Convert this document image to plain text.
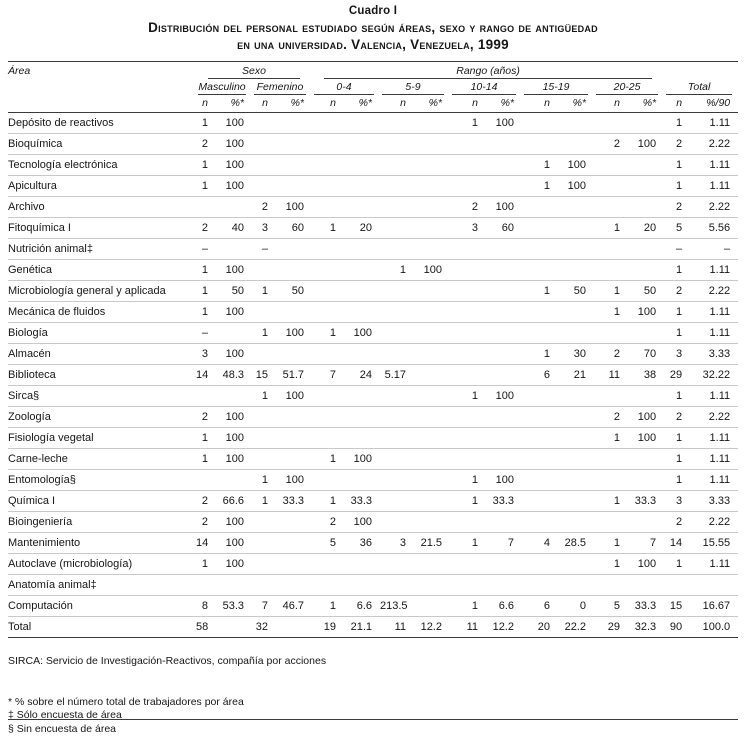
Cuadro I
Distribución del personal estudiado según áreas, sexo y rango de antigüedad
en una universidad. Valencia, Venezuela, 1999
Área	Sexo				Rango (años)											

	Masculino		Femenino		0-4		5-9		10-14		15-19		20-25		Total	

	n	%*	n	%*	n	%*	n	%*	n	%*	n	%*	n	%*	n	%/90
Depósito de reactivos	1	100							1	100					1	1.11
Bioquímica	2	100											2	100	2	2.22
Tecnología electrónica	1	100									1	100			1	1.11
Apicultura	1	100									1	100			1	1.11
Archivo			2	100					2	100					2	2.22
Fitoquímica I	2	40	3	60	1	20			3	60			1	20	5	5.56
Nutrición animal‡	–		–												–	–
Genética	1	100					1	100							1	1.11
Microbiología general y aplicada	1	50	1	50							1	50	1	50	2	2.22
Mecánica de fluidos	1	100											1	100	1	1.11
Biología	–		1	100	1	100									1	1.11
Almacén	3	100									1	30	2	70	3	3.33
Biblioteca	14	48.3	15	51.7	7	24	5.17				6	21	11	38	29	32.22
Sirca§			1	100					1	100					1	1.11
Zoología	2	100											2	100	2	2.22
Fisiología vegetal	1	100											1	100	1	1.11
Carne-leche	1	100			1	100									1	1.11
Entomología§			1	100					1	100					1	1.11
Química I	2	66.6	1	33.3	1	33.3			1	33.3			1	33.3	3	3.33
Bioingeniería	2	100			2	100									2	2.22
Mantenimiento	14	100			5	36	3	21.5	1	7	4	28.5	1	7	14	15.55
Autoclave (microbiología)	1	100											1	100	1	1.11
Anatomía animal‡																
Computación	8	53.3	7	46.7	1	6.6	213.5		1	6.6	6	0	5	33.3	15	16.67
Total	58		32		19	21.1	11	12.2	11	12.2	20	22.2	29	32.3	90	100.0
SIRCA: Servicio de Investigación-Reactivos, compañía por acciones
* % sobre el número total de trabajadores por área
‡ Sólo encuesta de área
§ Sin encuesta de área
